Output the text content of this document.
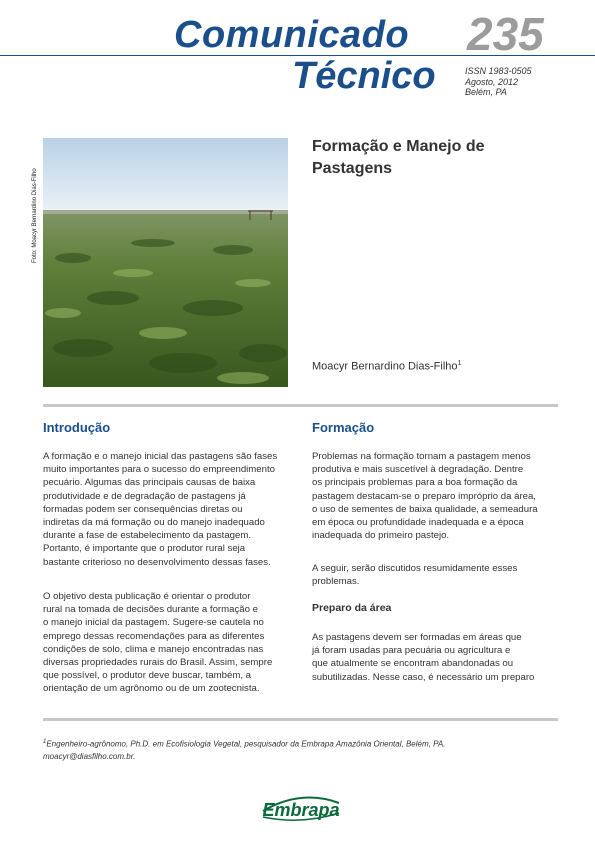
Comunicado
Técnico
235
ISSN 1983-0505
Agosto, 2012
Belém, PA
Foto: Moacyr Bernardino Dias-Filho
Formação e Manejo de
Pastagens
Moacyr Bernardino Dias-Filho$^1$
Introdução
A formação e o manejo inicial das pastagens são fases
muito importantes para o sucesso do empreendimento
pecuário. Algumas das principais causas de baixa
produtividade e de degradação de pastagens já
formadas podem ser consequências diretas ou
indiretas da má formação ou do manejo inadequado
durante a fase de estabelecimento da pastagem.
Portanto, é importante que o produtor rural seja
bastante criterioso no desenvolvimento dessas fases.
O objetivo desta publicação é orientar o produtor
rural na tomada de decisões durante a formação e
o manejo inicial da pastagem. Sugere-se cautela no
emprego dessas recomendações para as diferentes
condições de solo, clima e manejo encontradas nas
diversas propriedades rurais do Brasil. Assim, sempre
que possível, o produtor deve buscar, também, a
orientação de um agrônomo ou de um zootecnista.
Formação
Problemas na formação tornam a pastagem menos
produtiva e mais suscetível à degradação. Dentre
os principais problemas para a boa formação da
pastagem destacam-se o preparo impróprio da área,
o uso de sementes de baixa qualidade, a semeadura
em época ou profundidade inadequada e a época
inadequada do primeiro pastejo.
A seguir, serão discutidos resumidamente esses
problemas.
Preparo da área
As pastagens devem ser formadas em áreas que
já foram usadas para pecuária ou agricultura e
que atualmente se encontram abandonadas ou
subutilizadas. Nesse caso, é necessário um preparo
$^1$Engenheiro-agrônomo, Ph.D. em Ecofisiologia Vegetal, pesquisador da Embrapa Amazônia Oriental, Belém, PA.
moacyr@diasfilho.com.br.
Embrapa
